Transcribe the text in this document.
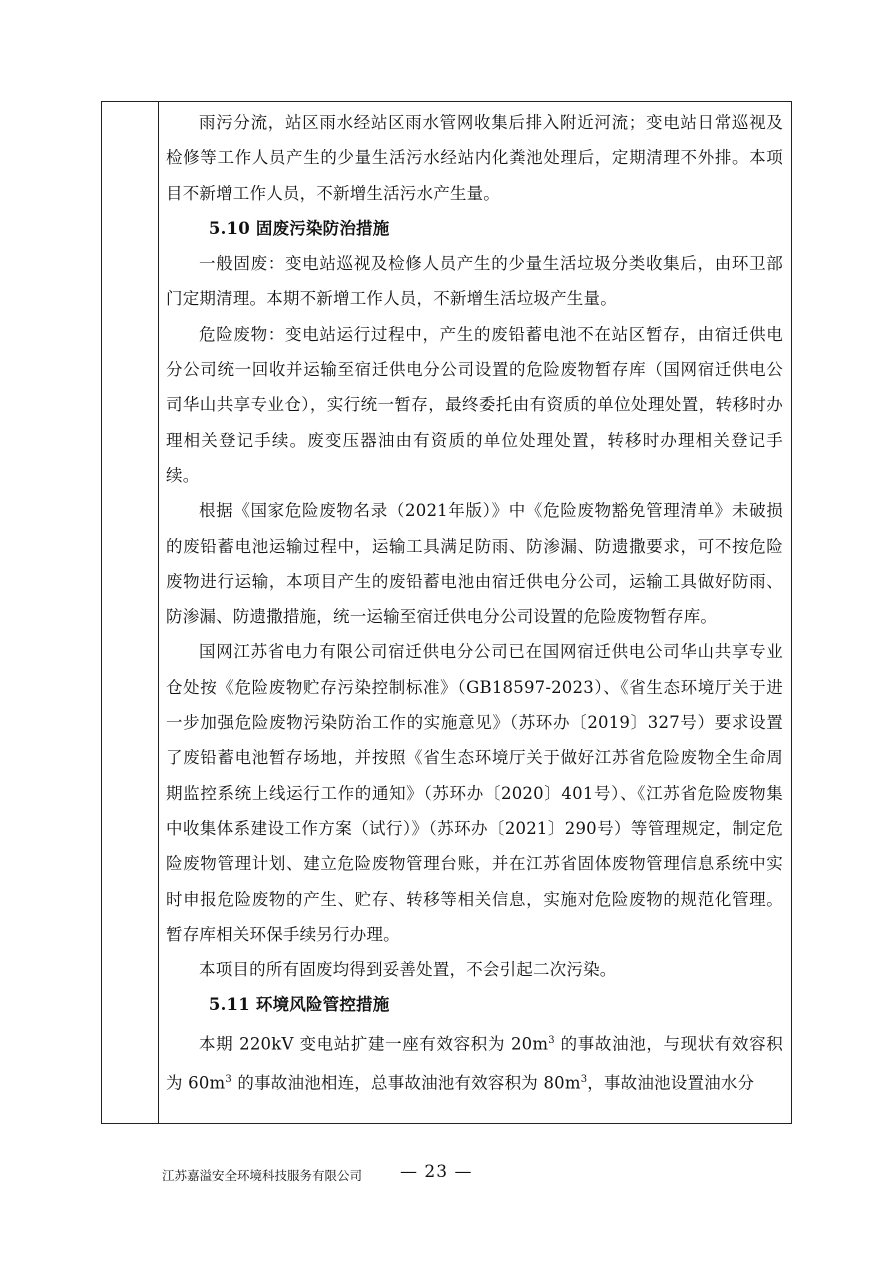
雨污分流，站区雨水经站区雨水管网收集后排入附近河流；变电站日常巡视及检修等工作人员产生的少量生活污水经站内化粪池处理后，定期清理不外排。本项目不新增工作人员，不新增生活污水产生量。

5.10 固废污染防治措施

一般固废：变电站巡视及检修人员产生的少量生活垃圾分类收集后，由环卫部门定期清理。本期不新增工作人员，不新增生活垃圾产生量。

危险废物：变电站运行过程中，产生的废铅蓄电池不在站区暂存，由宿迁供电分公司统一回收并运输至宿迁供电分公司设置的危险废物暂存库（国网宿迁供电公司华山共享专业仓），实行统一暂存，最终委托由有资质的单位处理处置，转移时办理相关登记手续。废变压器油由有资质的单位处理处置，转移时办理相关登记手续。

根据《国家危险废物名录（2021年版）》中《危险废物豁免管理清单》未破损的废铅蓄电池运输过程中，运输工具满足防雨、防渗漏、防遗撒要求，可不按危险废物进行运输，本项目产生的废铅蓄电池由宿迁供电分公司，运输工具做好防雨、防渗漏、防遗撒措施，统一运输至宿迁供电分公司设置的危险废物暂存库。

国网江苏省电力有限公司宿迁供电分公司已在国网宿迁供电公司华山共享专业仓处按《危险废物贮存污染控制标准》（GB18597-2023）、《省生态环境厅关于进一步加强危险废物污染防治工作的实施意见》（苏环办〔2019〕327号）要求设置了废铅蓄电池暂存场地，并按照《省生态环境厅关于做好江苏省危险废物全生命周期监控系统上线运行工作的通知》（苏环办〔2020〕401号）、《江苏省危险废物集中收集体系建设工作方案（试行）》（苏环办〔2021〕290号）等管理规定，制定危险废物管理计划、建立危险废物管理台账，并在江苏省固体废物管理信息系统中实时申报危险废物的产生、贮存、转移等相关信息，实施对危险废物的规范化管理。暂存库相关环保手续另行办理。

本项目的所有固废均得到妥善处置，不会引起二次污染。

5.11 环境风险管控措施

本期 220kV 变电站扩建一座有效容积为 $20m^3$ 的事故油池，与现状有效容积为 $60m^3$ 的事故油池相连，总事故油池有效容积为 $80m^3$，事故油池设置油水分

江苏嘉溢安全环境科技服务有限公司 — 23 —
